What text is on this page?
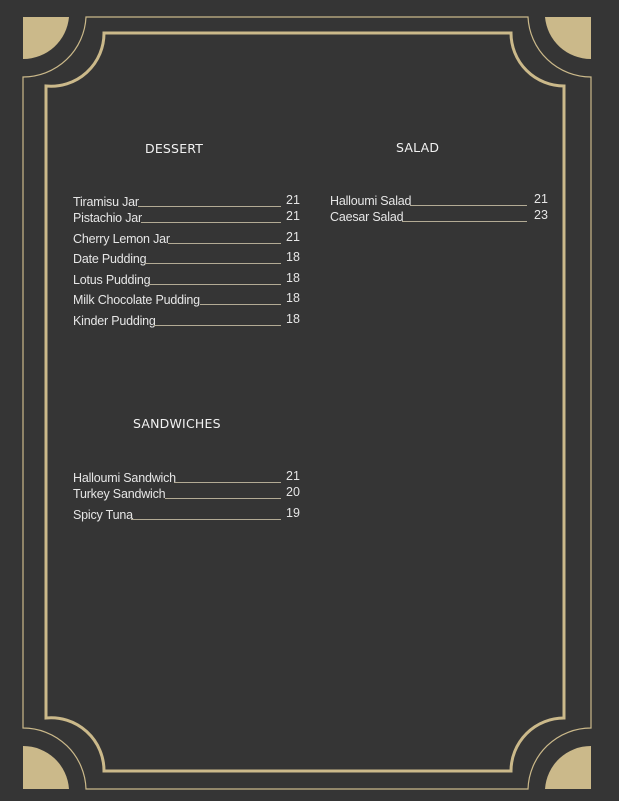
DESSERT	SALAD
SANDWICHES
Tiramisu Jar	21
Pistachio Jar	21
Cherry Lemon Jar	21
Date Pudding	18
Lotus Pudding	18
Milk Chocolate Pudding	18
Kinder Pudding	18
Halloumi Salad	21
Caesar Salad	23
Halloumi Sandwich	21
Turkey Sandwich	20
Spicy Tuna	19
